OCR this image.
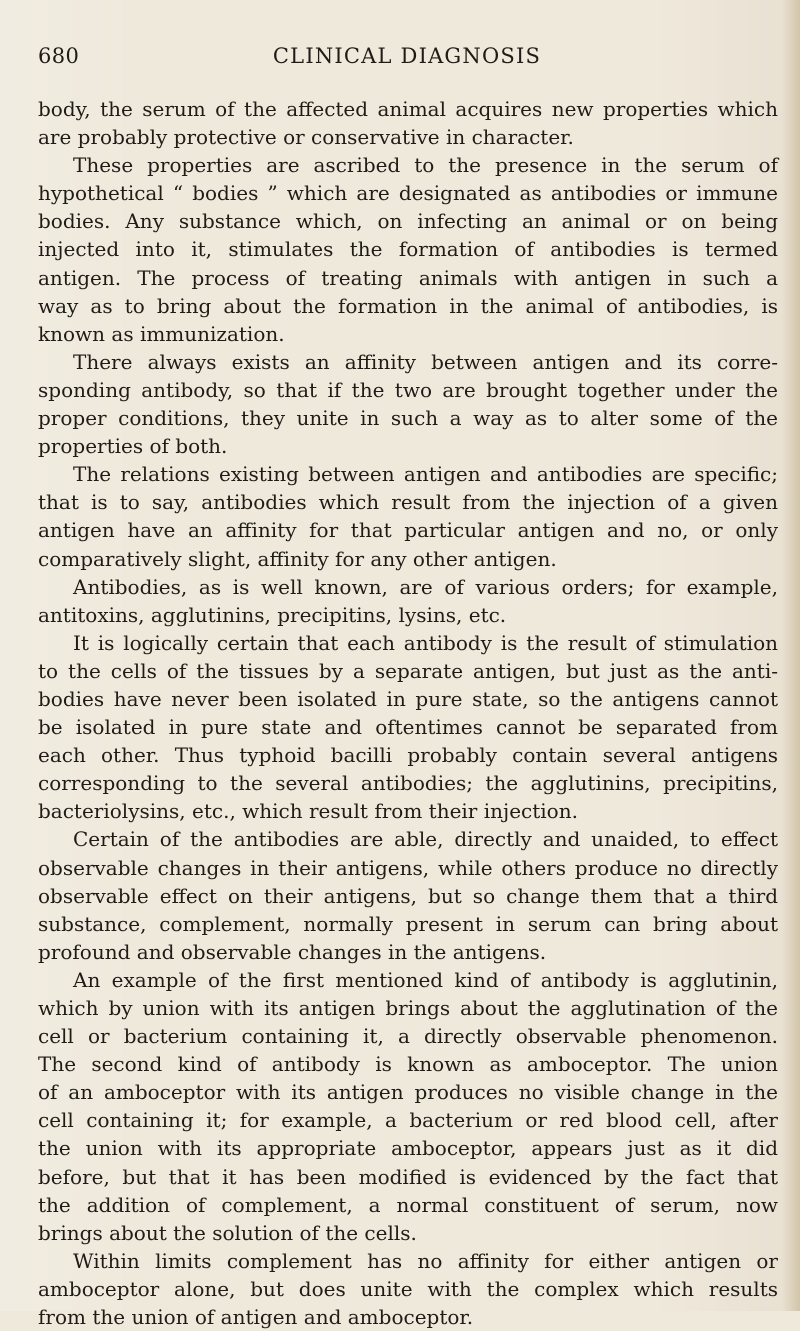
680	CLINICAL DIAGNOSIS
body, the serum of the affected animal acquires new properties which
are probably protective or conservative in character.
These properties are ascribed to the presence in the serum of
hypothetical “ bodies ” which are designated as antibodies or immune
bodies. Any substance which, on infecting an animal or on being
injected into it, stimulates the formation of antibodies is termed
antigen. The process of treating animals with antigen in such a
way as to bring about the formation in the animal of antibodies, is
known as immunization.
There always exists an affinity between antigen and its corre-
sponding antibody, so that if the two are brought together under the
proper conditions, they unite in such a way as to alter some of the
properties of both.
The relations existing between antigen and antibodies are specific;
that is to say, antibodies which result from the injection of a given
antigen have an affinity for that particular antigen and no, or only
comparatively slight, affinity for any other antigen.
Antibodies, as is well known, are of various orders; for example,
antitoxins, agglutinins, precipitins, lysins, etc.
It is logically certain that each antibody is the result of stimulation
to the cells of the tissues by a separate antigen, but just as the anti-
bodies have never been isolated in pure state, so the antigens cannot
be isolated in pure state and oftentimes cannot be separated from
each other. Thus typhoid bacilli probably contain several antigens
corresponding to the several antibodies; the agglutinins, precipitins,
bacteriolysins, etc., which result from their injection.
Certain of the antibodies are able, directly and unaided, to effect
observable changes in their antigens, while others produce no directly
observable effect on their antigens, but so change them that a third
substance, complement, normally present in serum can bring about
profound and observable changes in the antigens.
An example of the first mentioned kind of antibody is agglutinin,
which by union with its antigen brings about the agglutination of the
cell or bacterium containing it, a directly observable phenomenon.
The second kind of antibody is known as amboceptor. The union
of an amboceptor with its antigen produces no visible change in the
cell containing it; for example, a bacterium or red blood cell, after
the union with its appropriate amboceptor, appears just as it did
before, but that it has been modified is evidenced by the fact that
the addition of complement, a normal constituent of serum, now
brings about the solution of the cells.
Within limits complement has no affinity for either antigen or
amboceptor alone, but does unite with the complex which results
from the union of antigen and amboceptor.
